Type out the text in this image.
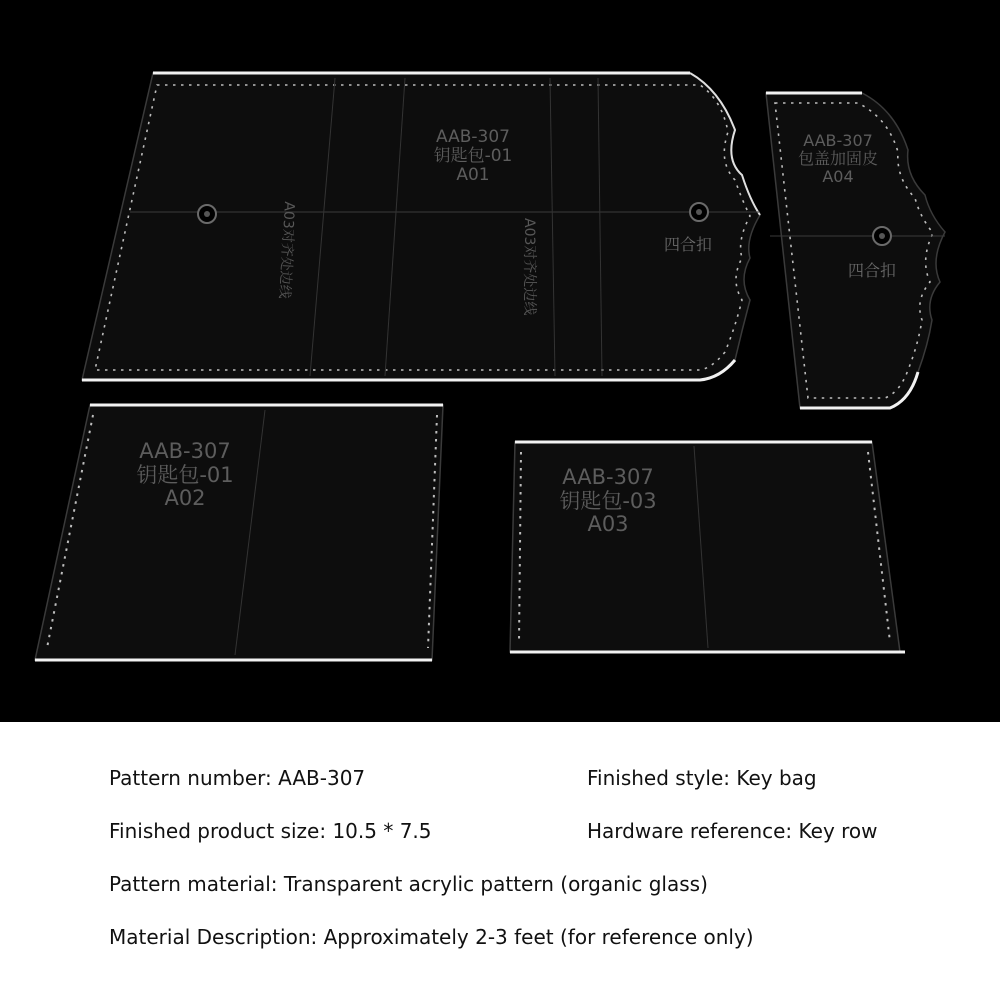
AAB-307
钥匙包-01
A01
四合扣
AAB-307
包盖加固皮
A04
四合扣
AAB-307
钥匙包-01
A02
AAB-307
钥匙包-03
A03
A03对齐处边线	A03对齐处边线
Pattern number: AAB-307	Finished style: Key bag
Finished product size: 10.5 * 7.5	Hardware reference: Key row
Pattern material: Transparent acrylic pattern (organic glass)
Material Description: Approximately 2-3 feet (for reference only)
